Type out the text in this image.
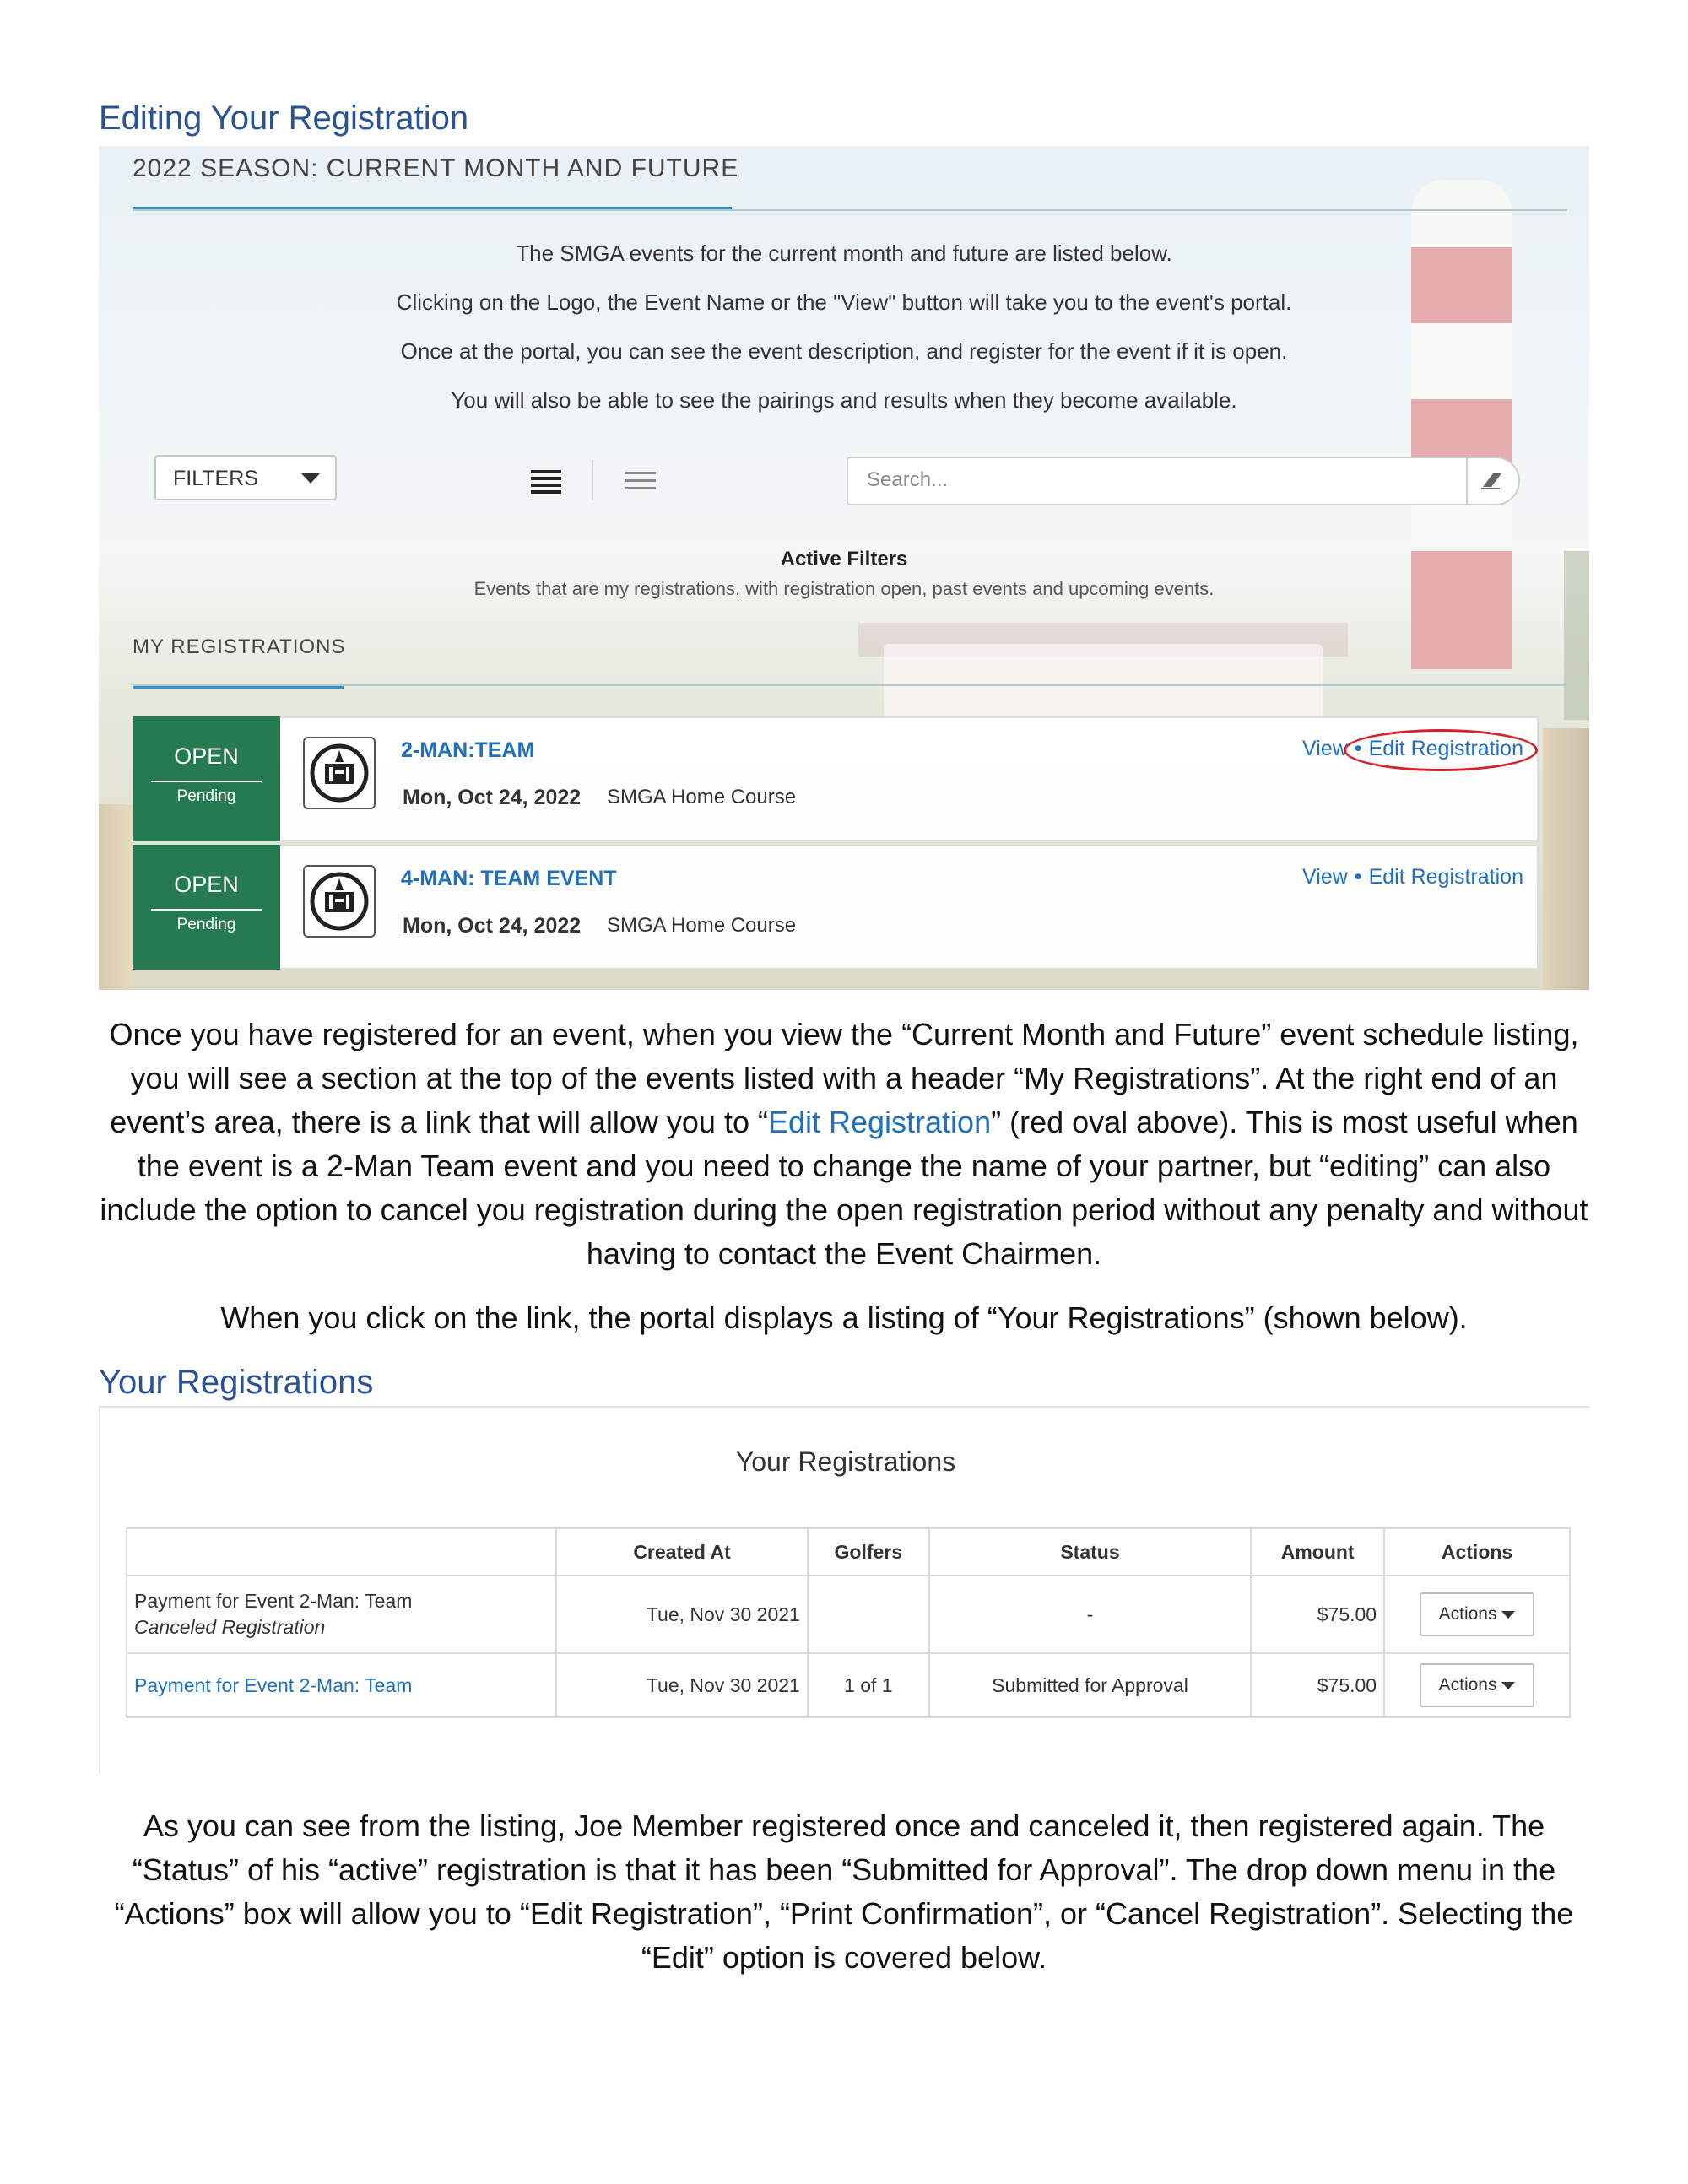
Editing Your Registration
2022 SEASON: CURRENT MONTH AND FUTURE
The SMGA events for the current month and future are listed below.
Clicking on the Logo, the Event Name or the "View" button will take you to the event's portal.
Once at the portal, you can see the event description, and register for the event if it is open.
You will also be able to see the pairings and results when they become available.
FILTERS
Search...
Active Filters
Events that are my registrations, with registration open, past events and upcoming events.
MY REGISTRATIONS
OPEN
Pending
2-MAN:TEAM
Mon, Oct 24, 2022 SMGA Home Course
View • Edit Registration
OPEN
Pending
4-MAN: TEAM EVENT
Mon, Oct 24, 2022 SMGA Home Course
View • Edit Registration
Once you have registered for an event, when you view the “Current Month and Future” event schedule listing, you will see a section at the top of the events listed with a header “My Registrations”. At the right end of an event’s area, there is a link that will allow you to “Edit Registration” (red oval above). This is most useful when the event is a 2-Man Team event and you need to change the name of your partner, but “editing” can also include the option to cancel you registration during the open registration period without any penalty and without having to contact the Event Chairmen.
When you click on the link, the portal displays a listing of “Your Registrations” (shown below).
Your Registrations
Your Registrations
	Created At	Golfers	Status	Amount	Actions
Payment for Event 2-Man: Team
Canceled Registration	Tue, Nov 30 2021		-	$75.00	Actions
Payment for Event 2-Man: Team	Tue, Nov 30 2021	1 of 1	Submitted for Approval	$75.00	Actions
As you can see from the listing, Joe Member registered once and canceled it, then registered again. The “Status” of his “active” registration is that it has been “Submitted for Approval”. The drop down menu in the “Actions” box will allow you to “Edit Registration”, “Print Confirmation”, or “Cancel Registration”. Selecting the “Edit” option is covered below.
